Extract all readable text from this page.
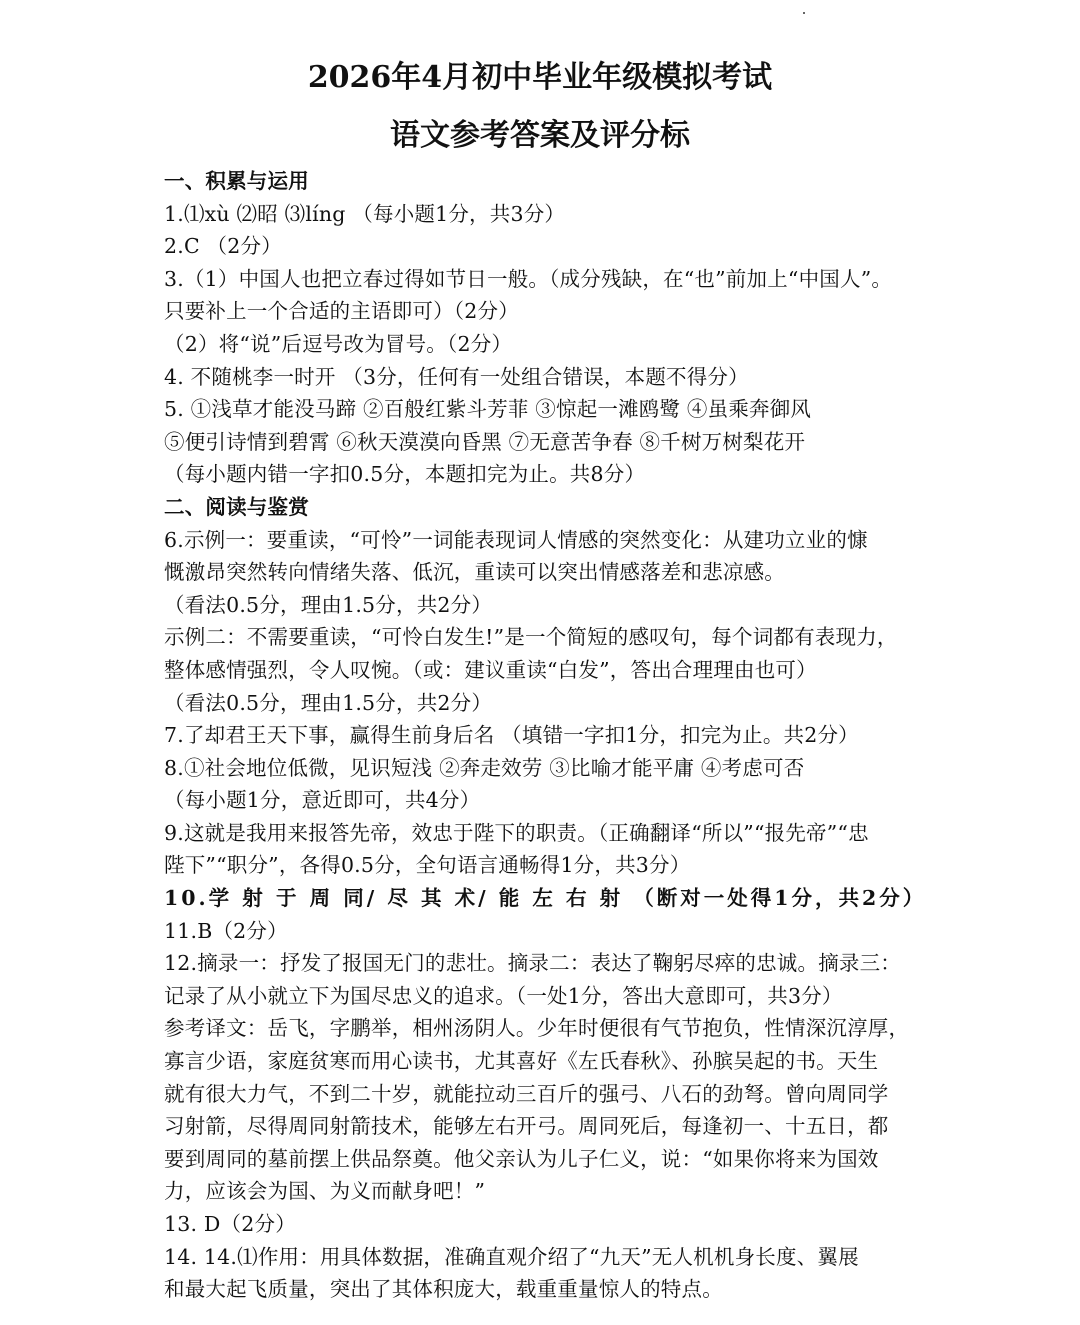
2026年4月初中毕业年级模拟考试
语文参考答案及评分标
一、积累与运用
1.⑴xù ⑵昭 ⑶líng （每小题1分，共3分）
2.C （2分）
3.（1）中国人也把立春过得如节日一般。（成分残缺，在“也”前加上“中国人”。
只要补上一个合适的主语即可）（2分）
（2）将“说”后逗号改为冒号。（2分）
4. 不随桃李一时开 （3分，任何有一处组合错误，本题不得分）
5. ①浅草才能没马蹄 ②百般红紫斗芳菲 ③惊起一滩鸥鹭 ④虽乘奔御风
⑤便引诗情到碧霄 ⑥秋天漠漠向昏黑 ⑦无意苦争春 ⑧千树万树梨花开
（每小题内错一字扣0.5分，本题扣完为止。共8分）
二、阅读与鉴赏
6.示例一：要重读，“可怜”一词能表现词人情感的突然变化：从建功立业的慷
慨激昂突然转向情绪失落、低沉，重读可以突出情感落差和悲凉感。
（看法0.5分，理由1.5分，共2分）
示例二：不需要重读，“可怜白发生!”是一个简短的感叹句，每个词都有表现力，
整体感情强烈，令人叹惋。（或：建议重读“白发”，答出合理理由也可）
（看法0.5分，理由1.5分，共2分）
7.了却君王天下事，赢得生前身后名 （填错一字扣1分，扣完为止。共2分）
8.①社会地位低微，见识短浅 ②奔走效劳 ③比喻才能平庸 ④考虑可否
（每小题1分，意近即可，共4分）
9.这就是我用来报答先帝，效忠于陛下的职责。（正确翻译“所以”“报先帝”“忠
陛下”“职分”，各得0.5分，全句语言通畅得1分，共3分）
10.学 射 于 周 同/ 尽 其 术/ 能 左 右 射 （断对一处得1分，共2分）
11.B（2分）
12.摘录一：抒发了报国无门的悲壮。摘录二：表达了鞠躬尽瘁的忠诚。摘录三：
记录了从小就立下为国尽忠义的追求。（一处1分，答出大意即可，共3分）
参考译文：岳飞，字鹏举，相州汤阴人。少年时便很有气节抱负，性情深沉淳厚，
寡言少语，家庭贫寒而用心读书，尤其喜好《左氏春秋》、孙膑吴起的书。天生
就有很大力气，不到二十岁，就能拉动三百斤的强弓、八石的劲弩。曾向周同学
习射箭，尽得周同射箭技术，能够左右开弓。周同死后，每逢初一、十五日，都
要到周同的墓前摆上供品祭奠。他父亲认为儿子仁义，说：“如果你将来为国效
力，应该会为国、为义而献身吧！”
13. D（2分）
14. 14.⑴作用：用具体数据，准确直观介绍了“九天”无人机机身长度、翼展
和最大起飞质量，突出了其体积庞大，载重重量惊人的特点。
